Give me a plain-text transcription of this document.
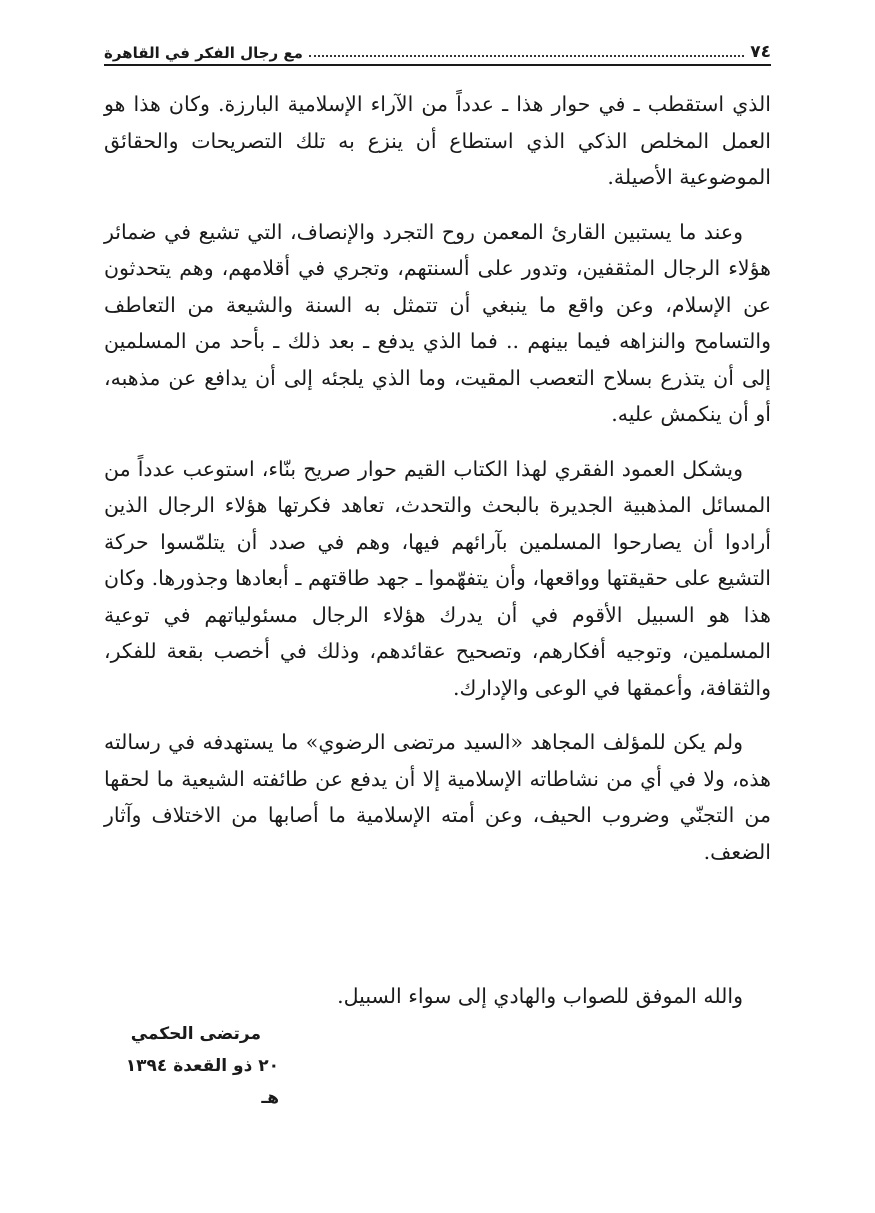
مع رجال الفكر في القاهرة	٧٤

الذي استقطب ـ في حوار هذا ـ عدداً من الآراء الإسلامية البارزة. وكان هذا هو العمل المخلص الذكي الذي استطاع أن ينزع به تلك التصريحات والحقائق الموضوعية الأصيلة.

وعند ما يستبين القارئ المعمن روح التجرد والإنصاف، التي تشيع في ضمائر هؤلاء الرجال المثقفين، وتدور على ألسنتهم، وتجري في أقلامهم، وهم يتحدثون عن الإسلام، وعن واقع ما ينبغي أن تتمثل به السنة والشيعة من التعاطف والتسامح والنزاهه فيما بينهم .. فما الذي يدفع ـ بعد ذلك ـ بأحد من المسلمين إلى أن يتذرع بسلاح التعصب المقيت، وما الذي يلجئه إلى أن يدافع عن مذهبه، أو أن ينكمش عليه.

ويشكل العمود الفقري لهذا الكتاب القيم حوار صريح بنّاء، استوعب عدداً من المسائل المذهبية الجديرة بالبحث والتحدث، تعاهد فكرتها هؤلاء الرجال الذين أرادوا أن يصارحوا المسلمين بآرائهم فيها، وهم في صدد أن يتلمّسوا حركة التشيع على حقيقتها وواقعها، وأن يتفهّموا ـ جهد طاقتهم ـ أبعادها وجذورها. وكان هذا هو السبيل الأقوم في أن يدرك هؤلاء الرجال مسئولياتهم في توعية المسلمين، وتوجيه أفكارهم، وتصحيح عقائدهم، وذلك في أخصب بقعة للفكر، والثقافة، وأعمقها في الوعى والإدارك.

ولم يكن للمؤلف المجاهد «السيد مرتضى الرضوي» ما يستهدفه في رسالته هذه، ولا في أي من نشاطاته الإسلامية إلا أن يدفع عن طائفته الشيعية ما لحقها من التجنّي وضروب الحيف، وعن أمته الإسلامية ما أصابها من الاختلاف وآثار الضعف.

والله الموفق للصواب والهادي إلى سواء السبيل.
مرتضى الحكمي
٢٠ ذو القعدة ١٣٩٤ هـ
